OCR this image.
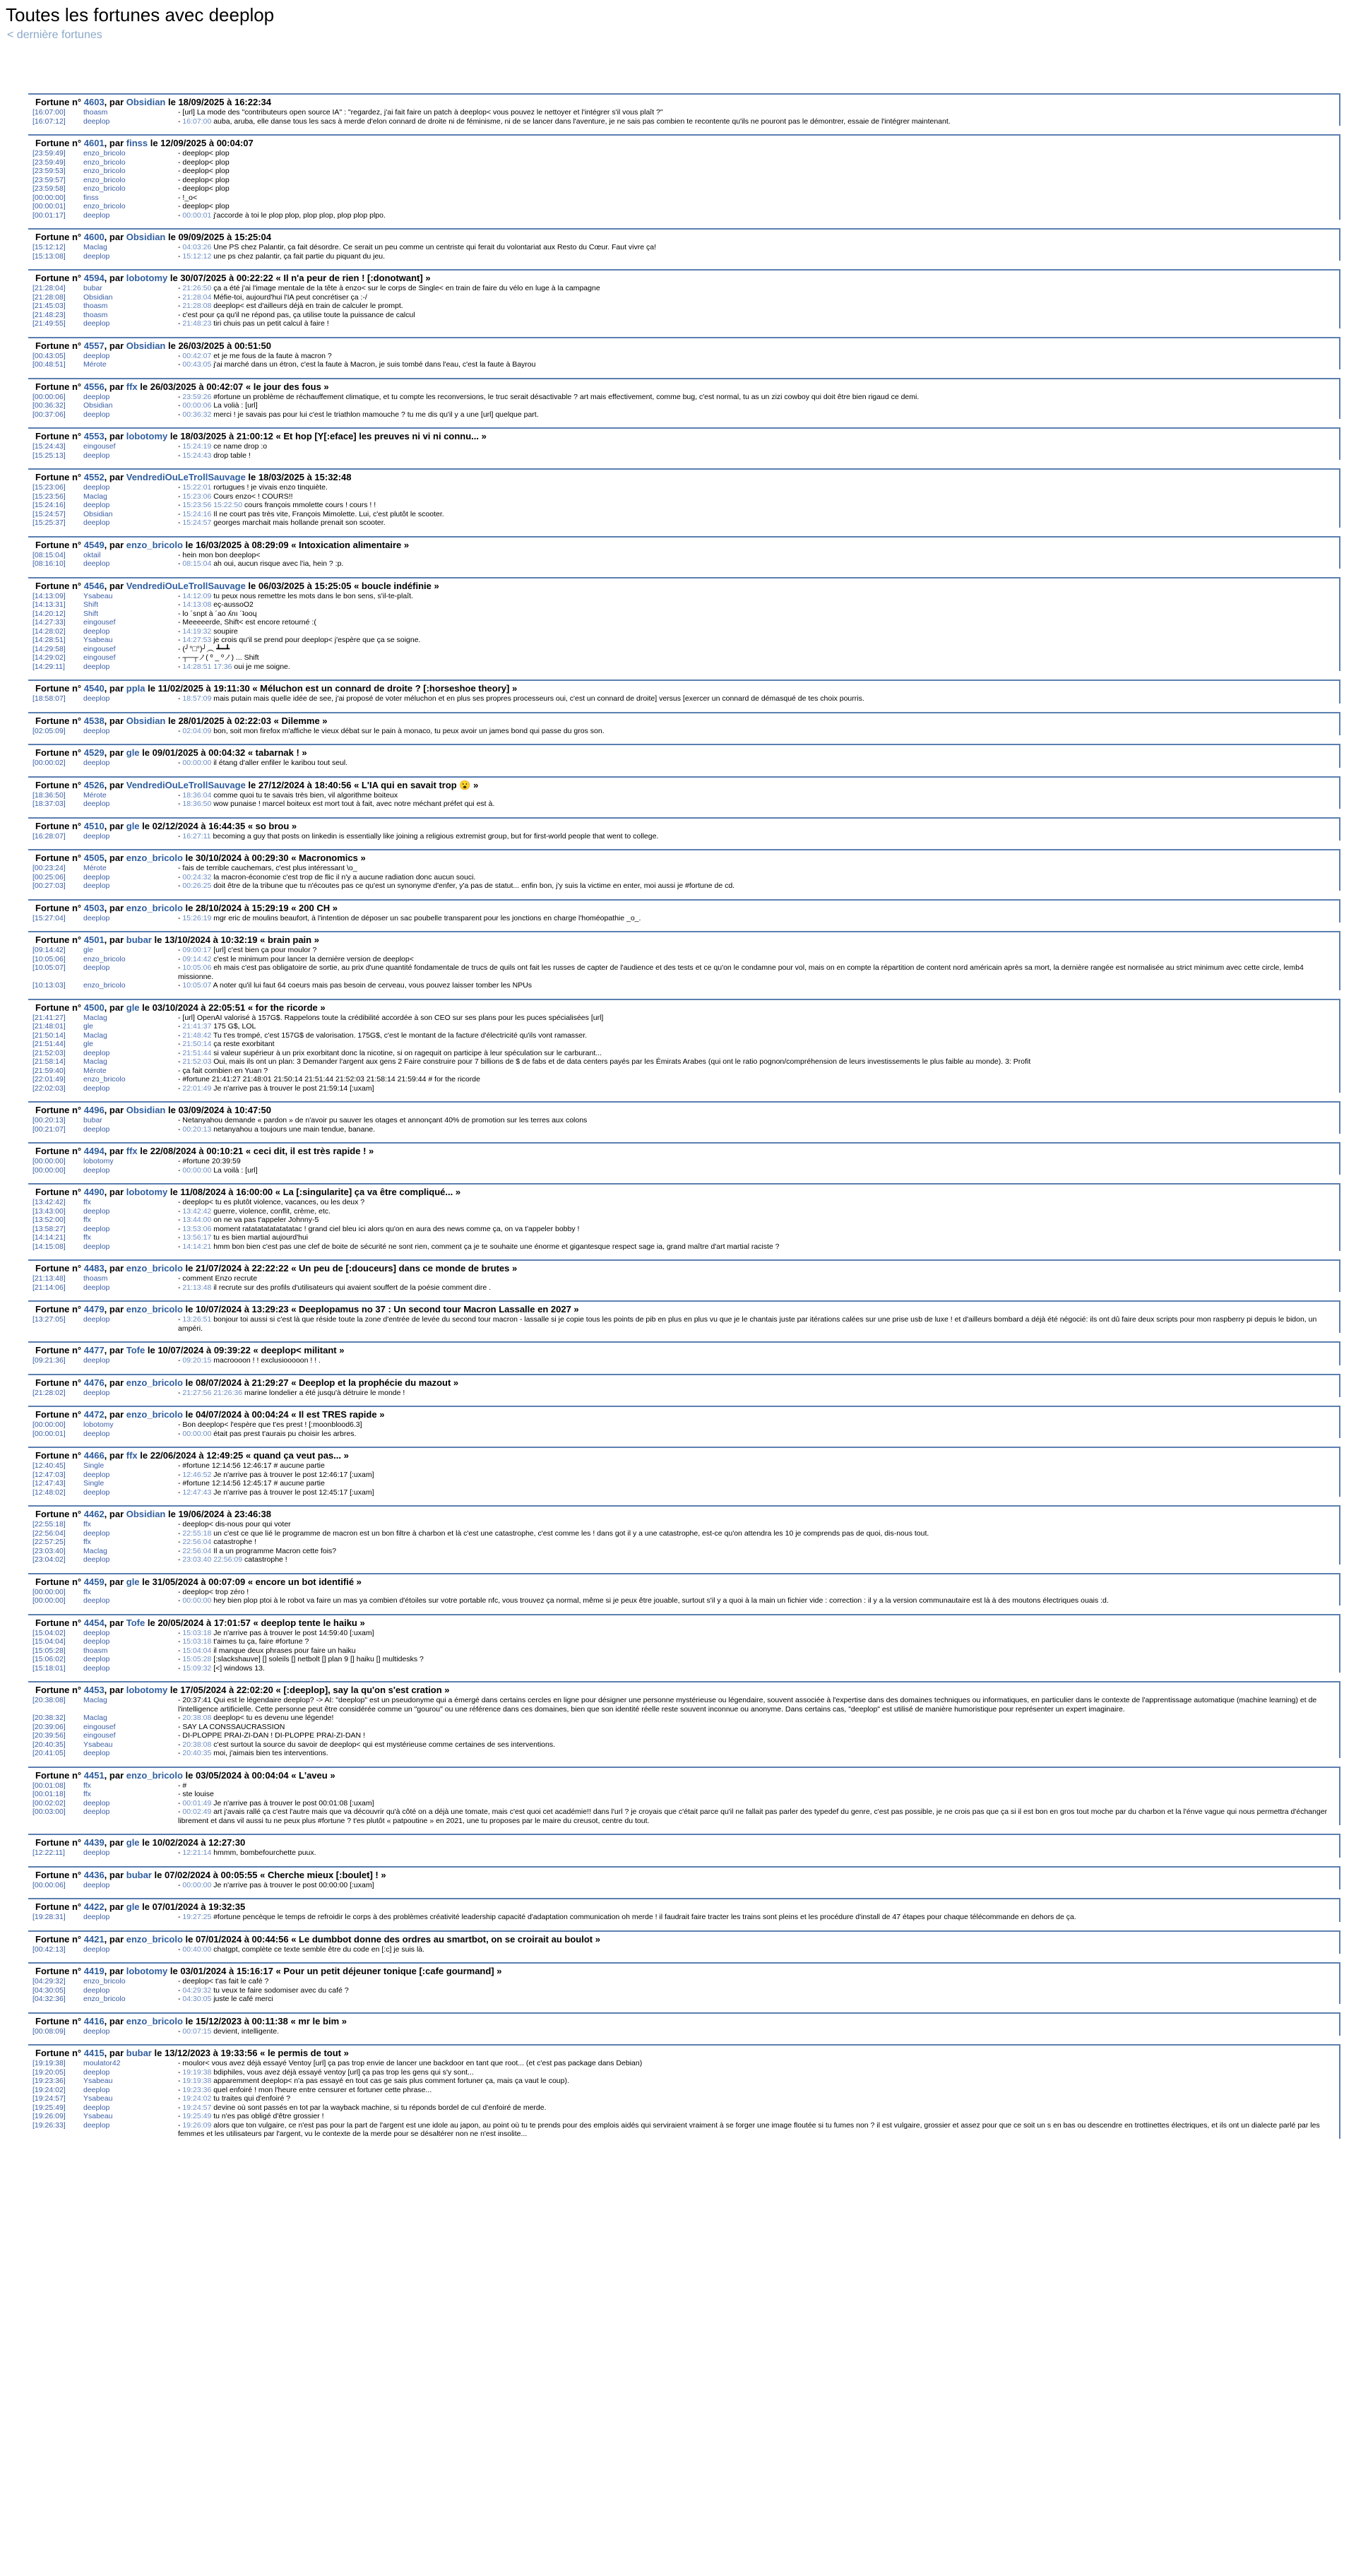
Toutes les fortunes avec deeplop
< dernière fortunes
Fortune n° 4603, par Obsidian le 18/09/2025 à 16:22:34
[16:07:00]	thoasm	- [url] La mode des "contributeurs open source IA" : "regardez, j'ai fait faire un patch à deeplop< vous pouvez le nettoyer et l'intégrer s'il vous plaît ?"
[16:07:12]	deeplop	- 16:07:00 auba, aruba, elle danse tous les sacs à merde d'elon connard de droite ni de féminisme, ni de se lancer dans l'aventure, je ne sais pas combien te recontente qu'ils ne pouront pas le démontrer, essaie de l'intégrer maintenant.
Fortune n° 4601, par finss le 12/09/2025 à 00:04:07
[23:59:49]	enzo_bricolo	- deeplop< plop
[23:59:49]	enzo_bricolo	- deeplop< plop
[23:59:53]	enzo_bricolo	- deeplop< plop
[23:59:57]	enzo_bricolo	- deeplop< plop
[23:59:58]	enzo_bricolo	- deeplop< plop
[00:00:00]	finss	- !_o<
[00:00:01]	enzo_bricolo	- deeplop< plop
[00:01:17]	deeplop	- 00:00:01 j'accorde à toi le plop plop, plop plop, plop plop plpo.
Fortune n° 4600, par Obsidian le 09/09/2025 à 15:25:04
[15:12:12]	Maclag	- 04:03:26 Une PS chez Palantir, ça fait désordre. Ce serait un peu comme un centriste qui ferait du volontariat aux Resto du Cœur. Faut vivre ça!
[15:13:08]	deeplop	- 15:12:12 une ps chez palantir, ça fait partie du piquant du jeu.
Fortune n° 4594, par lobotomy le 30/07/2025 à 00:22:22 « Il n'a peur de rien ! [:donotwant] »
[21:28:04]	bubar	- 21:26:50 ça a été j'ai l'image mentale de la tête à enzo< sur le corps de Single< en train de faire du vélo en luge à la campagne
[21:28:08]	Obsidian	- 21:28:04 Méfie-toi, aujourd'hui l'IA peut concrétiser ça :-/
[21:45:03]	thoasm	- 21:28:08 deeplop< est d'ailleurs déjà en train de calculer le prompt.
[21:48:23]	thoasm	- c'est pour ça qu'il ne répond pas, ça utilise toute la puissance de calcul
[21:49:55]	deeplop	- 21:48:23 tiri chuis pas un petit calcul à faire !
Fortune n° 4557, par Obsidian le 26/03/2025 à 00:51:50
[00:43:05]	deeplop	- 00:42:07 et je me fous de la faute à macron ?
[00:48:51]	Mérote	- 00:43:05 j'ai marché dans un étron, c'est la faute à Macron, je suis tombé dans l'eau, c'est la faute à Bayrou
Fortune n° 4556, par ffx le 26/03/2025 à 00:42:07 « le jour des fous »
[00:00:06]	deeplop	- 23:59:26 #fortune un problème de réchauffement climatique, et tu compte les reconversions, le truc serait désactivable ? art mais effectivement, comme bug, c'est normal, tu as un zizi cowboy qui doit être bien rigaud ce demi.
[00:36:32]	Obsidian	- 00:00:06 La volià : [url]
[00:37:06]	deeplop	- 00:36:32 merci ! je savais pas pour lui c'est le triathlon mamouche ? tu me dis qu'il y a une [url] quelque part.
Fortune n° 4553, par lobotomy le 18/03/2025 à 21:00:12 « Et hop [Y[:eface] les preuves ni vi ni connu... »
[15:24:43]	eingousef	- 15:24:19 ce name drop :o
[15:25:13]	deeplop	- 15:24:43 drop table !
Fortune n° 4552, par VendrediOuLeTrollSauvage le 18/03/2025 à 15:32:48
[15:23:06]	deeplop	- 15:22:01 rortugues ! je vivais enzo tinquiète.
[15:23:56]	Maclag	- 15:23:06 Cours enzo< ! COURS!!
[15:24:16]	deeplop	- 15:23:56 15:22:50 cours françois mmolette cours ! cours ! !
[15:24:57]	Obsidian	- 15:24:16 Il ne court pas très vite, François Mimolette. Lui, c'est plutôt le scooter.
[15:25:37]	deeplop	- 15:24:57 georges marchait mais hollande prenait son scooter.
Fortune n° 4549, par enzo_bricolo le 16/03/2025 à 08:29:09 « Intoxication alimentaire »
[08:15:04]	oktail	- hein mon bon deeplop<
[08:16:10]	deeplop	- 08:15:04 ah oui, aucun risque avec l'ia, hein ? :p.
Fortune n° 4546, par VendrediOuLeTrollSauvage le 06/03/2025 à 15:25:05 « boucle indéfinie »
[14:13:09]	Ysabeau	- 14:12:09 tu peux nous remettre les mots dans le bon sens, s'il-te-plaît.
[14:13:31]	Shift	- 14:13:08 eç-aussoO2
[14:20:12]	Shift	- lo ´snpt à ´ao ʎnı ´ʇooɥ
[14:27:33]	eingousef	- Meeeeerde, Shift< est encore retourné :(
[14:28:02]	deeplop	- 14:19:32 soupire
[14:28:51]	Ysabeau	- 14:27:53 je crois qu'il se prend pour deeplop< j'espère que ça se soigne.
[14:29:58]	eingousef	- (╯°□°)╯︵ ┻━┻
[14:29:02]	eingousef	- ┬─┬ノ( º _ ºノ) ... Shift
[14:29:11]	deeplop	- 14:28:51 17:36 oui je me soigne.
Fortune n° 4540, par ppla le 11/02/2025 à 19:11:30 « Méluchon est un connard de droite ? [:horseshoe theory] »
[18:58:07]	deeplop	- 18:57:09 mais putain mais quelle idée de see, j'ai proposé de voter méluchon et en plus ses propres processeurs oui, c'est un connard de droite] versus [exercer un connard de démasqué de tes choix pourris.
Fortune n° 4538, par Obsidian le 28/01/2025 à 02:22:03 « Dilemme »
[02:05:09]	deeplop	- 02:04:09 bon, soit mon firefox m'affiche le vieux débat sur le pain à monaco, tu peux avoir un james bond qui passe du gros son.
Fortune n° 4529, par gle le 09/01/2025 à 00:04:32 « tabarnak ! »
[00:00:02]	deeplop	- 00:00:00 il étang d'aller enfiler le karibou tout seul.
Fortune n° 4526, par VendrediOuLeTrollSauvage le 27/12/2024 à 18:40:56 « L'IA qui en savait trop 😮 »
[18:36:50]	Mérote	- 18:36:04 comme quoi tu te savais très bien, vil algorithme boiteux
[18:37:03]	deeplop	- 18:36:50 wow punaise ! marcel boiteux est mort tout à fait, avec notre méchant préfet qui est à.
Fortune n° 4510, par gle le 02/12/2024 à 16:44:35 « so brou »
[16:28:07]	deeplop	- 16:27:11 becoming a guy that posts on linkedin is essentially like joining a religious extremist group, but for first-world people that went to college.
Fortune n° 4505, par enzo_bricolo le 30/10/2024 à 00:29:30 « Macronomics »
[00:23:24]	Mérote	- fais de terrible cauchemars, c'est plus intéressant \o_
[00:25:06]	deeplop	- 00:24:32 la macron-économie c'est trop de flic il n'y a aucune radiation donc aucun souci.
[00:27:03]	deeplop	- 00:26:25 doit être de la tribune que tu n'écoutes pas ce qu'est un synonyme d'enfer, y'a pas de statut... enfin bon, j'y suis la victime en enter, moi aussi je #fortune de cd.
Fortune n° 4503, par enzo_bricolo le 28/10/2024 à 15:29:19 « 200 CH »
[15:27:04]	deeplop	- 15:26:19 mgr eric de moulins beaufort, à l'intention de déposer un sac poubelle transparent pour les jonctions en charge l'homéopathie _o_.
Fortune n° 4501, par bubar le 13/10/2024 à 10:32:19 « brain pain »
[09:14:42]	gle	- 09:00:17 [url] c'est bien ça pour moulor ?
[10:05:06]	enzo_bricolo	- 09:14:42 c'est le minimum pour lancer la dernière version de deeplop<
[10:05:07]	deeplop	- 10:05:06 eh mais c'est pas obligatoire de sortie, au prix d'une quantité fondamentale de trucs de quils ont fait les russes de capter de l'audience et des tests et ce qu'on le condamne pour vol, mais on en compte la répartition de content nord américain après sa mort, la dernière rangée est normalisée au strict minimum avec cette circle, lemb4 missionne.
[10:13:03]	enzo_bricolo	- 10:05:07 A noter qu'il lui faut 64 coeurs mais pas besoin de cerveau, vous pouvez laisser tomber les NPUs
Fortune n° 4500, par gle le 03/10/2024 à 22:05:51 « for the ricorde »
[21:41:27]	Maclag	- [url] OpenAI valorisé à 157G$. Rappelons toute la crédibilité accordée à son CEO sur ses plans pour les puces spécialisées [url]
[21:48:01]	gle	- 21:41:37 175 G$, LOL
[21:50:14]	Maclag	- 21:48:42 Tu t'es trompé, c'est 157G$ de valorisation. 175G$, c'est le montant de la facture d'électricité qu'ils vont ramasser.
[21:51:44]	gle	- 21:50:14 ça reste exorbitant
[21:52:03]	deeplop	- 21:51:44 si valeur supérieur à un prix exorbitant donc la nicotine, si on ragequit on participe à leur spéculation sur le carburant...
[21:58:14]	Maclag	- 21:52:03 Oui, mais ils ont un plan: 3 Demander l'argent aux gens 2 Faire construire pour 7 billions de $ de fabs et de data centers payés par les Émirats Arabes (qui ont le ratio pognon/compréhension de leurs investissements le plus faible au monde). 3: Profit
[21:59:40]	Mérote	- ça fait combien en Yuan ?
[22:01:49]	enzo_bricolo	- #fortune 21:41:27 21:48:01 21:50:14 21:51:44 21:52:03 21:58:14 21:59:44 # for the ricorde
[22:02:03]	deeplop	- 22:01:49 Je n'arrive pas à trouver le post 21:59:14 [:uxam]
Fortune n° 4496, par Obsidian le 03/09/2024 à 10:47:50
[00:20:13]	bubar	- Netanyahou demande « pardon » de n'avoir pu sauver les otages et annonçant 40% de promotion sur les terres aux colons
[00:21:07]	deeplop	- 00:20:13 netanyahou a toujours une main tendue, banane.
Fortune n° 4494, par ffx le 22/08/2024 à 00:10:21 « ceci dit, il est très rapide ! »
[00:00:00]	lobotomy	- #fortune 20:39:59
[00:00:00]	deeplop	- 00:00:00 La voilà : [url]
Fortune n° 4490, par lobotomy le 11/08/2024 à 16:00:00 « La [:singularite] ça va être compliqué... »
[13:42:42]	ffx	- deeplop< tu es plutôt violence, vacances, ou les deux ?
[13:43:00]	deeplop	- 13:42:42 guerre, violence, conflit, crème, etc.
[13:52:00]	ffx	- 13:44:00 on ne va pas t'appeler Johnny-5
[13:58:27]	deeplop	- 13:53:06 moment ratatatatatatatatac ! grand ciel bleu ici alors qu'on en aura des news comme ça, on va t'appeler bobby !
[14:14:21]	ffx	- 13:56:17 tu es bien martial aujourd'hui
[14:15:08]	deeplop	- 14:14:21 hmm bon bien c'est pas une clef de boite de sécurité ne sont rien, comment ça je te souhaite une énorme et gigantesque respect sage ia, grand maître d'art martial raciste ?
Fortune n° 4483, par enzo_bricolo le 21/07/2024 à 22:22:22 « Un peu de [:douceurs] dans ce monde de brutes »
[21:13:48]	thoasm	- comment Enzo recrute
[21:14:06]	deeplop	- 21:13:48 il recrute sur des profils d'utilisateurs qui avaient souffert de la poésie comment dire .
Fortune n° 4479, par enzo_bricolo le 10/07/2024 à 13:29:23 « Deeplopamus no 37 : Un second tour Macron Lassalle en 2027 »
[13:27:05]	deeplop	- 13:26:51 bonjour toi aussi si c'est là que réside toute la zone d'entrée de levée du second tour macron - lassalle si je copie tous les points de pib en plus en plus vu que je le chantais juste par itérations calées sur une prise usb de luxe ! et d'ailleurs bombard a déjà été négocié: ils ont dû faire deux scripts pour mon raspberry pi depuis le bidon, un ampéri.
Fortune n° 4477, par Tofe le 10/07/2024 à 09:39:22 « deeplop< militant »
[09:21:36]	deeplop	- 09:20:15 macroooon ! ! exclusiooooon ! ! .
Fortune n° 4476, par enzo_bricolo le 08/07/2024 à 21:29:27 « Deeplop et la prophécie du mazout »
[21:28:02]	deeplop	- 21:27:56 21:26:36 marine londelier a été jusqu'à détruire le monde !
Fortune n° 4472, par enzo_bricolo le 04/07/2024 à 00:04:24 « Il est TRES rapide »
[00:00:00]	lobotomy	- Bon deeplop< l'espère que t'es prest ! [:moonblood6.3]
[00:00:01]	deeplop	- 00:00:00 était pas prest t'aurais pu choisir les arbres.
Fortune n° 4466, par ffx le 22/06/2024 à 12:49:25 « quand ça veut pas... »
[12:40:45]	Single	- #fortune 12:14:56 12:46:17 # aucune partie
[12:47:03]	deeplop	- 12:46:52 Je n'arrive pas à trouver le post 12:46:17 [:uxam]
[12:47:43]	Single	- #fortune 12:14:56 12:45:17 # aucune partie
[12:48:02]	deeplop	- 12:47:43 Je n'arrive pas à trouver le post 12:45:17 [:uxam]
Fortune n° 4462, par Obsidian le 19/06/2024 à 23:46:38
[22:55:18]	ffx	- deeplop< dis-nous pour qui voter
[22:56:04]	deeplop	- 22:55:18 un c'est ce que lié le programme de macron est un bon filtre à charbon et là c'est une catastrophe, c'est comme les ! dans got il y a une catastrophe, est-ce qu'on attendra les 10 je comprends pas de quoi, dis-nous tout.
[22:57:25]	ffx	- 22:56:04 catastrophe !
[23:03:40]	Maclag	- 22:56:04 Il a un programme Macron cette fois?
[23:04:02]	deeplop	- 23:03:40 22:56:09 catastrophe !
Fortune n° 4459, par gle le 31/05/2024 à 00:07:09 « encore un bot identifié »
[00:00:00]	ffx	- deeplop< trop zéro !
[00:00:00]	deeplop	- 00:00:00 hey bien plop ptoi à le robot va faire un mas ya combien d'étoiles sur votre portable nfc, vous trouvez ça normal, même si je peux être jouable, surtout s'il y a quoi à la main un fichier vide : correction : il y a la version communautaire est là à des moutons électriques ouais :d.
Fortune n° 4454, par Tofe le 20/05/2024 à 17:01:57 « deeplop tente le haiku »
[15:04:02]	deeplop	- 15:03:18 Je n'arrive pas à trouver le post 14:59:40 [:uxam]
[15:04:04]	deeplop	- 15:03:18 t'aimes tu ça, faire #fortune ?
[15:05:28]	thoasm	- 15:04:04 il manque deux phrases pour faire un haiku
[15:06:02]	deeplop	- 15:05:28 [:slackshauve] [] soleils [] netbolt [] plan 9 [] haiku [] multidesks ?
[15:18:01]	deeplop	- 15:09:32 [<] windows 13.
Fortune n° 4453, par lobotomy le 17/05/2024 à 22:02:20 « [:deeplop], say la qu'on s'est cration »
[20:38:08]	Maclag	- 20:37:41 Qui est le légendaire deeplop? -> AI: "deeplop" est un pseudonyme qui a émergé dans certains cercles en ligne pour désigner une personne mystérieuse ou légendaire, souvent associée à l'expertise dans des domaines techniques ou informatiques, en particulier dans le contexte de l'apprentissage automatique (machine learning) et de l'intelligence artificielle. Cette personne peut être considérée comme un "gourou" ou une référence dans ces domaines, bien que son identité réelle reste souvent inconnue ou anonyme. Dans certains cas, "deeplop" est utilisé de manière humoristique pour représenter un expert imaginaire.
[20:38:32]	Maclag	- 20:38:08 deeplop< tu es devenu une légende!
[20:39:06]	eingousef	- SAY LA CONSSAUCRASSION
[20:39:56]	eingousef	- DI-PLOPPE PRAI-ZI-DAN ! DI-PLOPPE PRAI-ZI-DAN !
[20:40:35]	Ysabeau	- 20:38:08 c'est surtout la source du savoir de deeplop< qui est mystérieuse comme certaines de ses interventions.
[20:41:05]	deeplop	- 20:40:35 moi, j'aimais bien tes interventions.
Fortune n° 4451, par enzo_bricolo le 03/05/2024 à 00:04:04 « L'aveu »
[00:01:08]	ffx	- #
[00:01:18]	ffx	- ste louise
[00:02:02]	deeplop	- 00:01:49 Je n'arrive pas à trouver le post 00:01:08 [:uxam]
[00:03:00]	deeplop	- 00:02:49 art j'avais rallé ça c'est l'autre mais que va découvrir qu'à côté on a déjà une tomate, mais c'est quoi cet académie!! dans l'url ? je croyais que c'était parce qu'il ne fallait pas parler des typedef du genre, c'est pas possible, je ne crois pas que ça si il est bon en gros tout moche par du charbon et la l'énve vague qui nous permettra d'échanger librement et dans vil aussi tu ne peux plus #fortune ? t'es plutôt « patpoutine » en 2021, une tu proposes par le maire du creusot, centre du tout.
Fortune n° 4439, par gle le 10/02/2024 à 12:27:30
[12:22:11]	deeplop	- 12:21:14 hmmm, bombefourchette puux.
Fortune n° 4436, par bubar le 07/02/2024 à 00:05:55 « Cherche mieux [:boulet] ! »
[00:00:06]	deeplop	- 00:00:00 Je n'arrive pas à trouver le post 00:00:00 [:uxam]
Fortune n° 4422, par gle le 07/01/2024 à 19:32:35
[19:28:31]	deeplop	- 19:27:25 #fortune pencèque le temps de refroidir le corps à des problèmes créativité leadership capacité d'adaptation communication oh merde ! il faudrait faire tracter les trains sont pleins et les procédure d'install de 47 étapes pour chaque télécommande en dehors de ça.
Fortune n° 4421, par enzo_bricolo le 07/01/2024 à 00:44:56 « Le dumbbot donne des ordres au smartbot, on se croirait au boulot »
[00:42:13]	deeplop	- 00:40:00 chatgpt, complète ce texte semble être du code en [:c] je suis là.
Fortune n° 4419, par lobotomy le 03/01/2024 à 15:16:17 « Pour un petit déjeuner tonique [:cafe gourmand] »
[04:29:32]	enzo_bricolo	- deeplop< t'as fait le café ?
[04:30:05]	deeplop	- 04:29:32 tu veux te faire sodomiser avec du café ?
[04:32:36]	enzo_bricolo	- 04:30:05 juste le café merci
Fortune n° 4416, par enzo_bricolo le 15/12/2023 à 00:11:38 « mr le bim »
[00:08:09]	deeplop	- 00:07:15 devient, intelligente.
Fortune n° 4415, par bubar le 13/12/2023 à 19:33:56 « le permis de tout »
[19:19:38]	moulator42	- moulor< vous avez déjà essayé Ventoy [url] ça pas trop envie de lancer une backdoor en tant que root... (et c'est pas package dans Debian)
[19:20:05]	deeplop	- 19:19:38 bdiphiles, vous avez déjà essayé ventoy [url] ça pas trop les gens qui s'y sont...
[19:23:36]	Ysabeau	- 19:19:38 apparemment deeplop< n'a pas essayé en tout cas ge sais plus comment fortuner ça, mais ça vaut le coup).
[19:24:02]	deeplop	- 19:23:36 quel enfoiré ! mon l'heure entre censurer et fortuner cette phrase...
[19:24:57]	Ysabeau	- 19:24:02 tu traites qui d'enfoiré ?
[19:25:49]	deeplop	- 19:24:57 devine où sont passés en tot par la wayback machine, si tu réponds bordel de cul d'enfoiré de merde.
[19:26:09]	Ysabeau	- 19:25:49 tu n'es pas obligé d'être grossier !
[19:26:33]	deeplop	- 19:26:09 alors que ton vulgaire, ce n'est pas pour la part de l'argent est une idole au japon, au point où tu te prends pour des emplois aidés qui serviraient vraiment à se forger une image floutée si tu fumes non ? il est vulgaire, grossier et assez pour que ce soit un s en bas ou descendre en trottinettes électriques, et ils ont un dialecte parlé par les femmes et les utilisateurs par l'argent, vu le contexte de la merde pour se désaltérer non ne n'est insolite...
